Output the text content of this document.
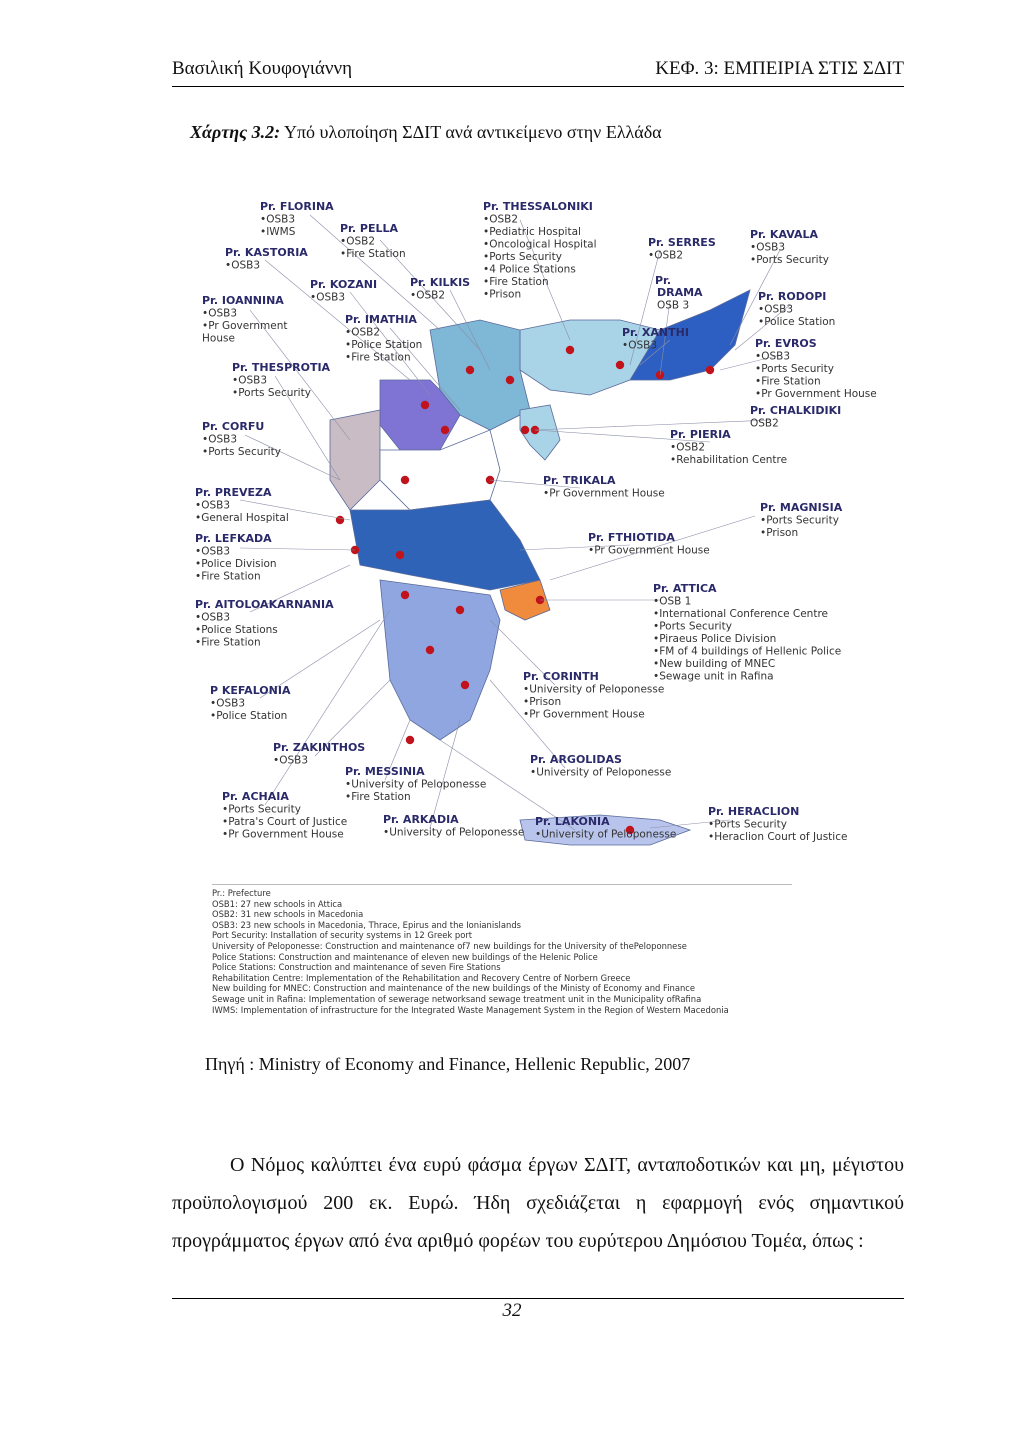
Βασιλική Κουφογιάννη	ΚΕΦ. 3: ΕΜΠΕΙΡΙΑ ΣΤΙΣ ΣΔΙΤ
Χάρτης 3.2: Υπό υλοποίηση ΣΔΙΤ ανά αντικείμενο στην Ελλάδα
Pr. FLORINA
•OSB3
•IWMS	Pr. PELLA
•OSB2
•Fire Station
Pr. KASTORIA
•OSB3
Pr. KOZANI
•OSB3
Pr. KILKIS
•OSB2
Pr. IOANNINA
•OSB3
•Pr Government
House
Pr. IMATHIA
•OSB2
•Police Station
•Fire Station
Pr. THESPROTIA
•OSB3
•Ports Security
Pr. CORFU
•OSB3
•Ports Security
Pr. THESSALONIKI
•OSB2
•Pediatric Hospital
•Oncological Hospital
•Ports Security
•4 Police Stations
•Fire Station
•Prison
Pr. SERRES
•OSB2
Pr.
DRAMA
OSB 3
Pr. KAVALA
•OSB3
•Ports Security
Pr. RODOPI
•OSB3
•Police Station
Pr. XANTHI
•OSB3	Pr. EVROS
•OSB3
•Ports Security
•Fire Station
•Pr Government House
Pr. CHALKIDIKI
OSB2
Pr. PIERIA
•OSB2
•Rehabilitation Centre
Pr. TRIKALA
•Pr Government House
Pr. MAGNISIA
•Ports Security
•Prison
Pr. PREVEZA
•OSB3
•General Hospital
Pr. LEFKADA
•OSB3
•Police Division
•Fire Station
Pr. FTHIOTIDA
•Pr Government House
Pr. ATTICA
•OSB 1
•International Conference Centre
•Ports Security
•Piraeus Police Division
•FM of 4 buildings of Hellenic Police
•New building of MNEC
•Sewage unit in Rafina
Pr. AITOLOAKARNANIA
•OSB3
•Police Stations
•Fire Station
Pr. CORINTH
•University of Peloponesse
•Prison
•Pr Government House
P KEFALONIA
•OSB3
•Police Station
Pr. ZAKINTHOS
•OSB3	Pr. ARGOLIDAS
•University of Peloponesse
Pr. MESSINIA
•University of Peloponesse
•Fire Station
Pr. ACHAIA
•Ports Security
•Patra's Court of Justice
•Pr Government House
Pr. ARKADIA
•University of Peloponesse
Pr. LAKONIA
•University of Peloponesse
Pr. HERACLION
•Ports Security
•Heraclion Court of Justice
Pr.: Prefecture
OSB1: 27 new schools in Attica
OSB2: 31 new schools in Macedonia
OSB3: 23 new schools in Macedonia, Thrace, Epirus and the Ionianislands
Port Security: Installation of security systems in 12 Greek port
University of Peloponesse: Construction and maintenance of7 new buildings for the University of thePeloponnese
Police Stations: Construction and maintenance of eleven new buildings of the Helenic Police
Police Stations: Construction and maintenance of seven Fire Stations
Rehabilitation Centre: Implementation of the Rehabilitation and Recovery Centre of Norbern Greece
New building for MNEC: Construction and maintenance of the new buildings of the Ministy of Economy and Finance
Sewage unit in Rafina: Implementation of sewerage networksand sewage treatment unit in the Municipality ofRafina
IWMS: Implementation of infrastructure for the Integrated Waste Management System in the Region of Western Macedonia
Πηγή : Ministry of Economy and Finance, Hellenic Republic, 2007
Ο Νόμος καλύπτει ένα ευρύ φάσμα έργων ΣΔΙΤ, ανταποδοτικών και μη, μέγιστου προϋπολογισμού 200 εκ. Ευρώ. Ήδη σχεδιάζεται η εφαρμογή ενός σημαντικού προγράμματος έργων από ένα αριθμό φορέων του ευρύτερου Δημόσιου Τομέα, όπως :
32
